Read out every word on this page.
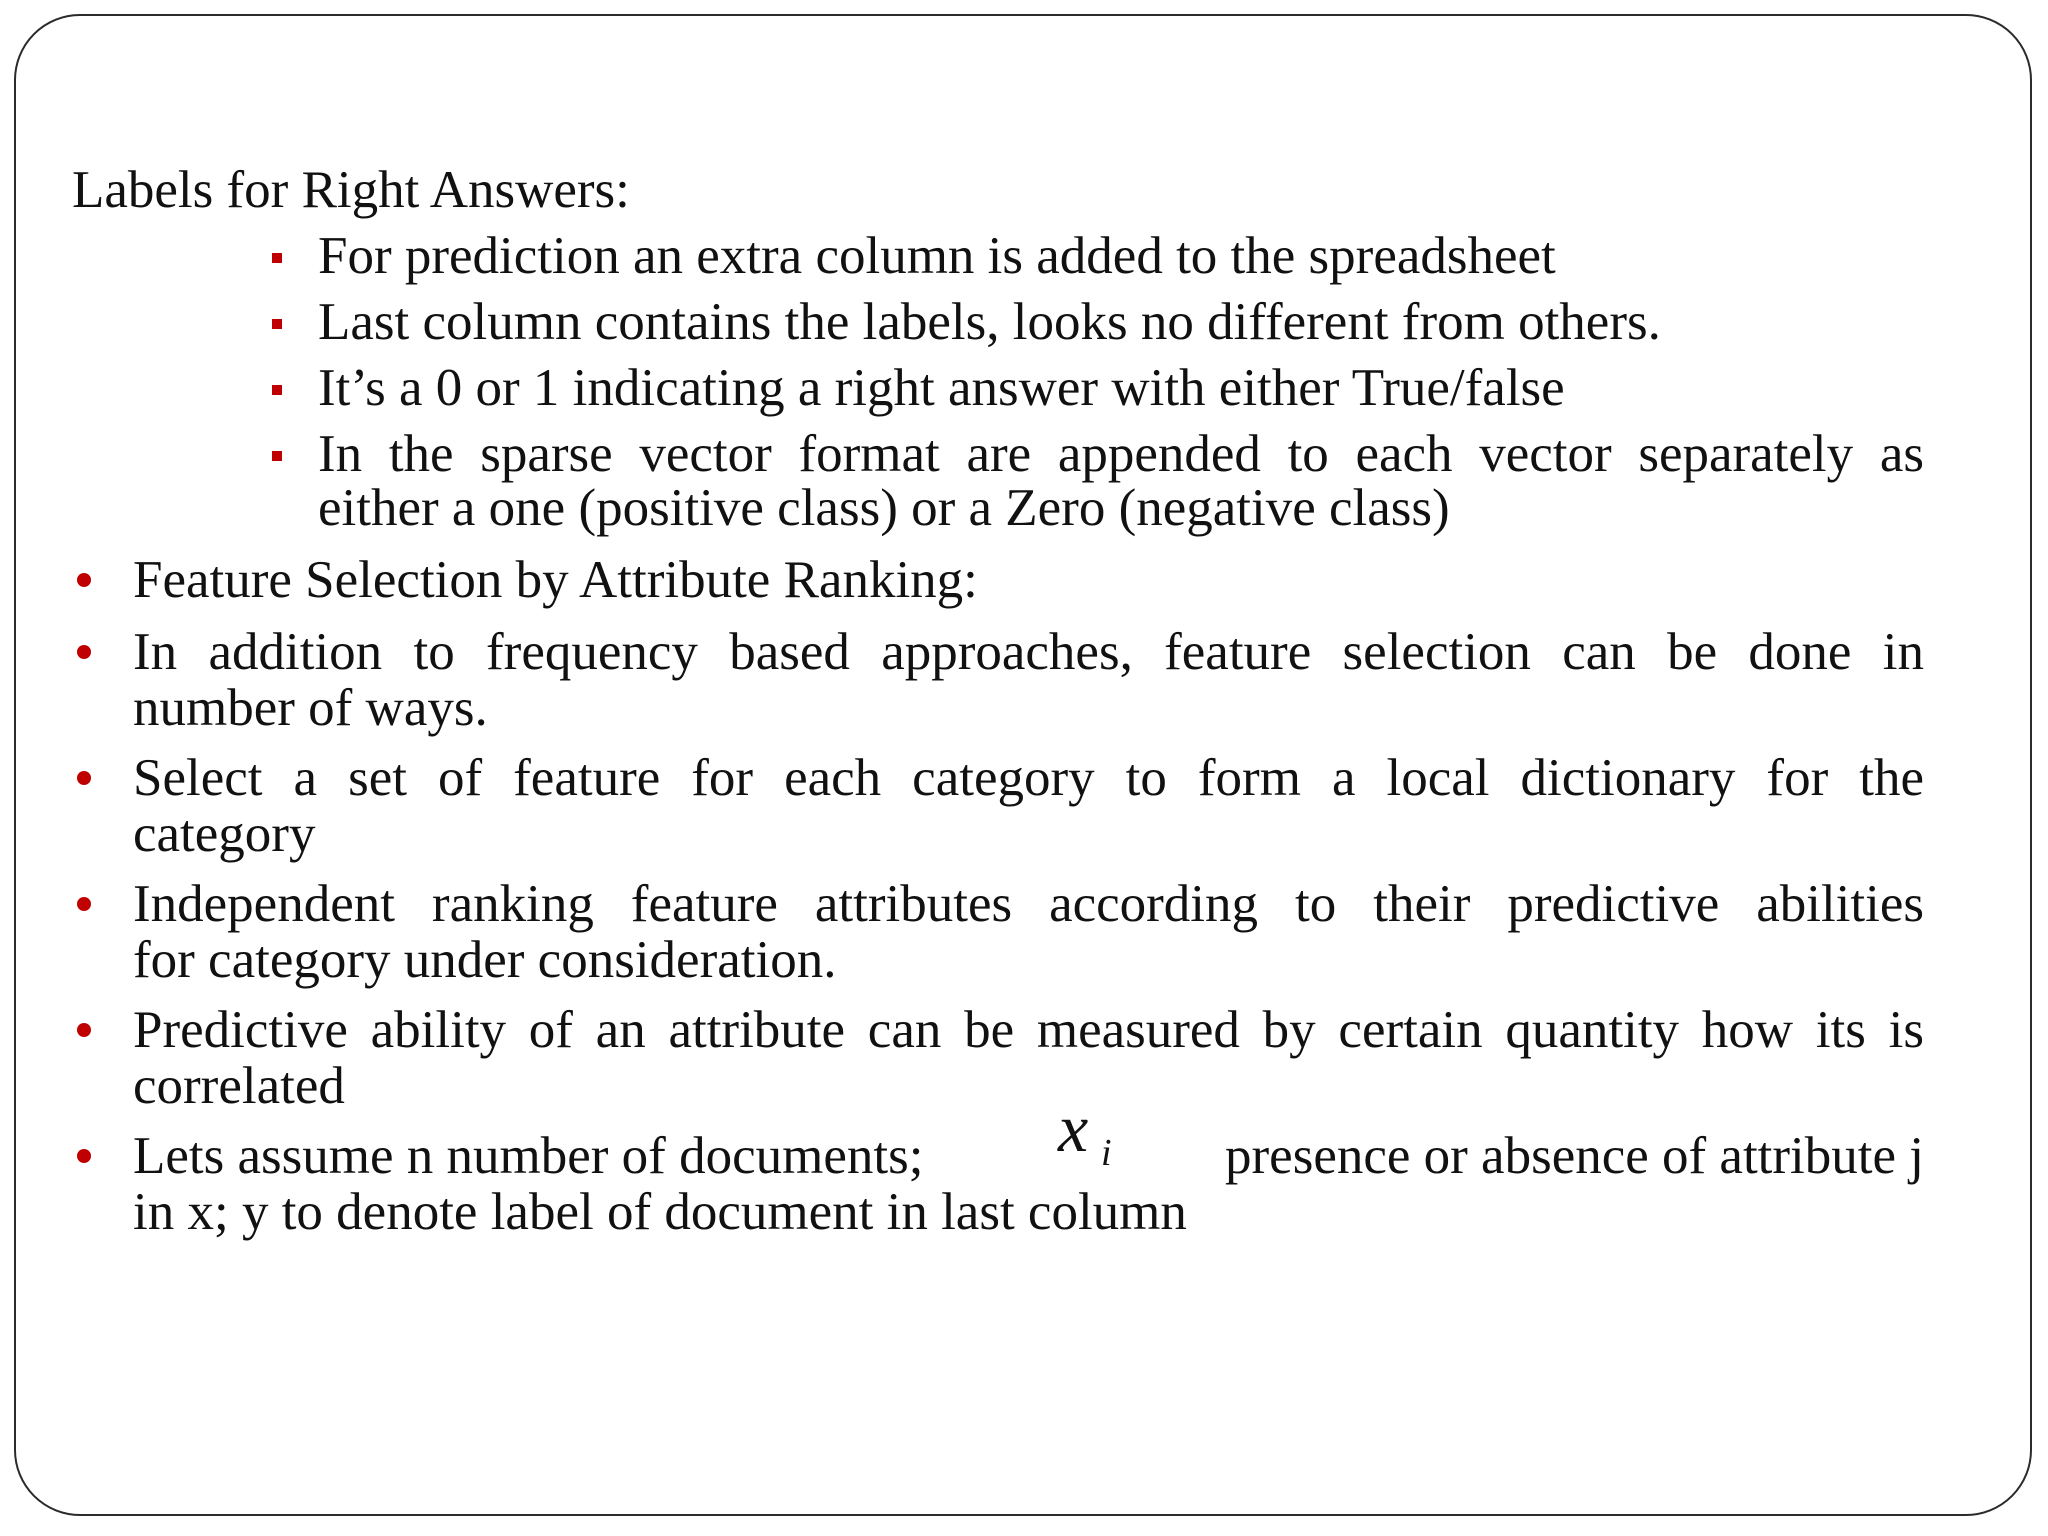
Labels for Right Answers:
For prediction an extra column is added to the spreadsheet
Last column contains the labels, looks no different from others.
It’s a 0 or 1 indicating a right answer with either True/false
In the sparse vector format are appended to each vector separately as
either a one (positive class) or a Zero (negative class)
Feature Selection by Attribute Ranking:
In addition to frequency based approaches, feature selection can be done in
number of ways.
Select a set of feature for each category to form a local dictionary for the
category
Independent ranking feature attributes according to their predictive abilities
for category under consideration.
Predictive ability of an attribute can be measured by certain quantity how its is
correlated
Lets assume n number of documents; x i	presence or absence of attribute j
in x; y to denote label of document in last column
